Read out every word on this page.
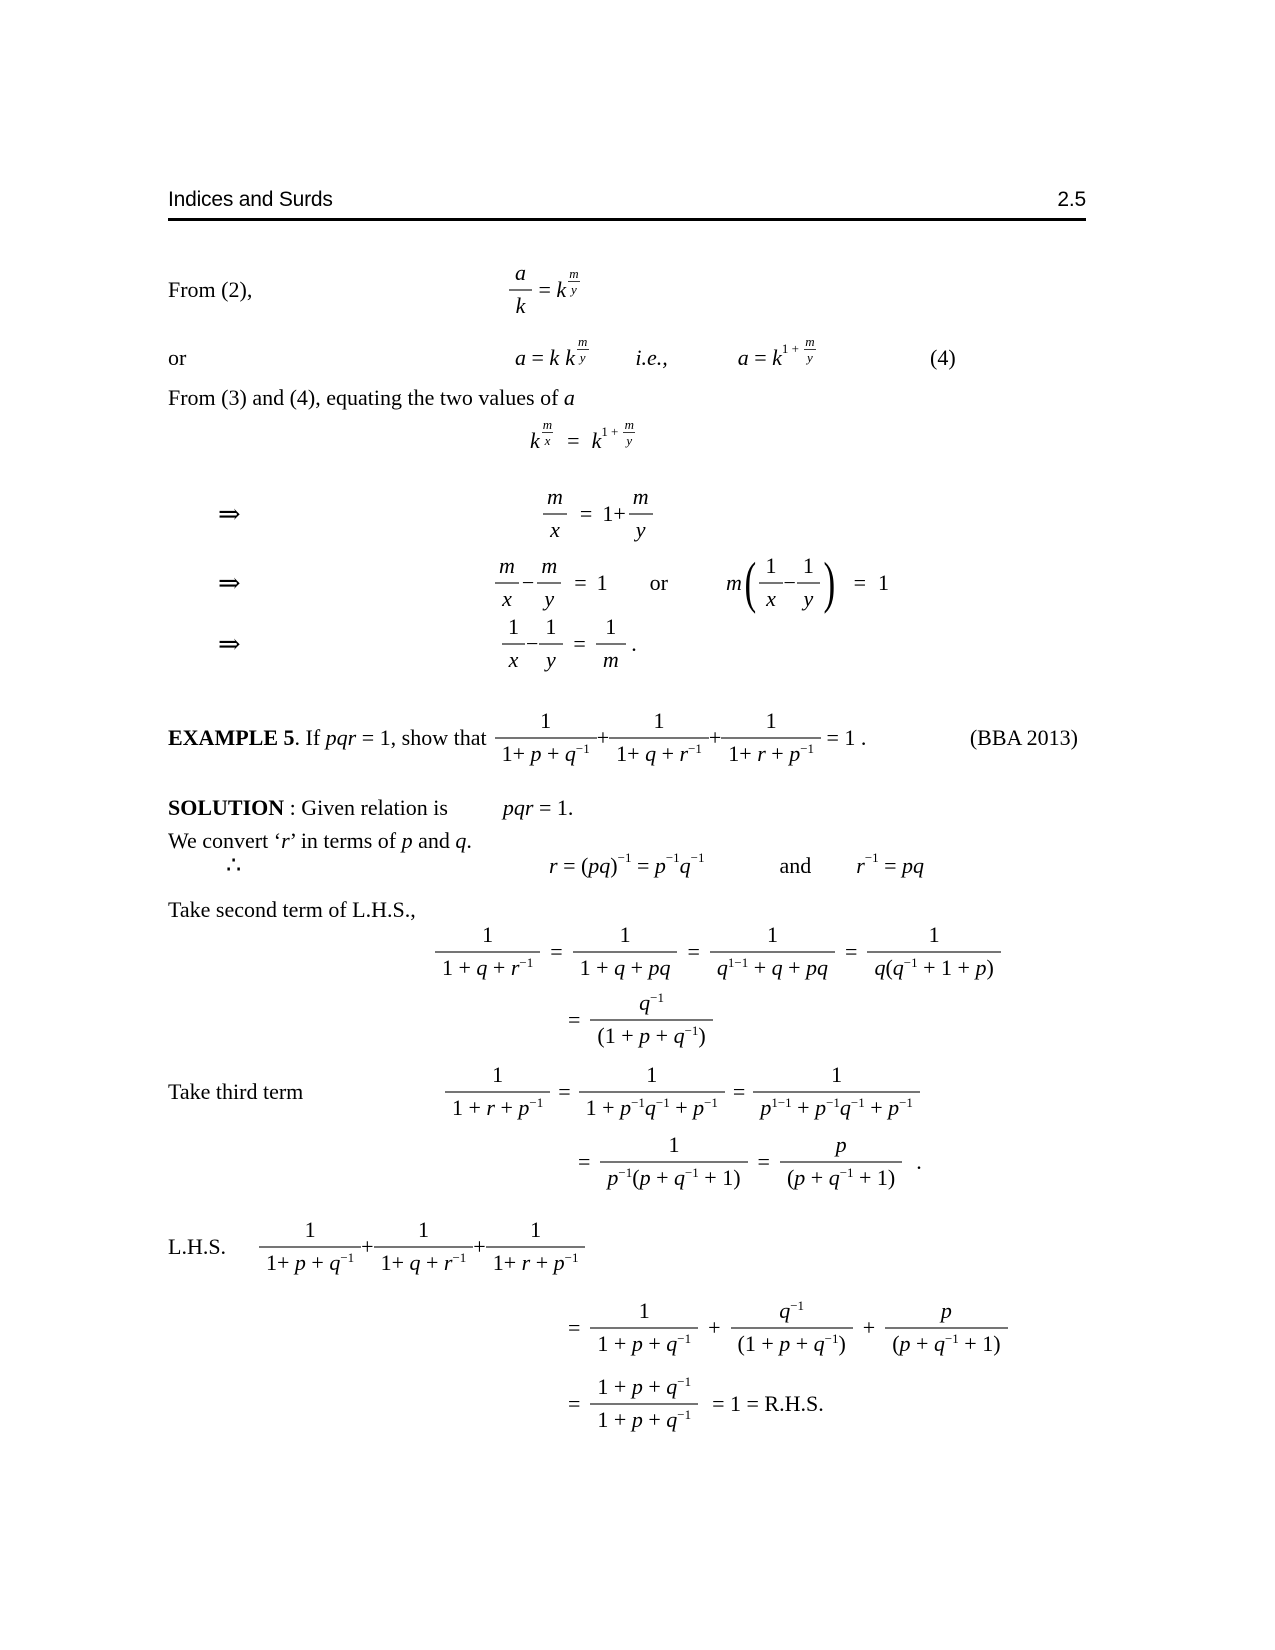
Indices and Surds	2.5
From (2),	$\frac{a}{k} = k \frac{m}{y}$
or	a = k k $\frac{m}{y} i.e$.,	a = k $1 + \frac{m}{y}$	(4)
From (3) and (4), equating the two values of a
k $\frac{m}{x} = k$ $1 + \frac{m}{y}$
⇒	$\frac{m}{x} = 1+ \frac{m}{y}$
⇒	$\frac{m}{x} - \frac{m}{y} = 1$ or	m ( $\frac{1}{x} - \frac{1}{y}$ ) = 1
⇒	$\frac{1}{x} - \frac{1}{y} = \frac{1}{m}$ .
EXAMPLE 5 . If pqr = 1, show that $\frac{1}{1+ p + q-1} + \frac{1}{1+ q + r-1} + \frac{1}{1+ r + p-1} = 1$ .	(BBA 2013)
SOLUTION : Given relation is	pqr = 1.
We convert ‘ r ’ in terms of p and q .
∴	r = ( pq ) −1 = p −1 q −1	and r −1 = pq
Take second term of L.H.S.,
$\frac{1}{1 + q + r-1} = \frac{1}{1 + q + pq} = \frac{1}{q1-1 + q + pq} = \frac{1}{q(q-1 + 1 + p)}$
= $\frac{q-1}{(1 + p + q-1)}$
Take third term	$\frac{1}{1 + r + p-1} = \frac{1}{1 + p-1q-1 + p-1} = \frac{1}{p1-1 + p-1q-1 + p-1}$
= $\frac{1}{p-1(p + q-1 + 1)} = \frac{p}{(p + q-1 + 1)}$ .
L.H.S. $\frac{1}{1+ p + q-1} + \frac{1}{1+ q + r-1} + \frac{1}{1+ r + p-1}$
= $\frac{1}{1 + p + q-1} + \frac{q-1}{(1 + p + q-1)} + \frac{p}{(p + q-1 + 1)}$
= $\frac{1 + p + q-1}{1 + p + q-1} = 1 = R.H.S$.
